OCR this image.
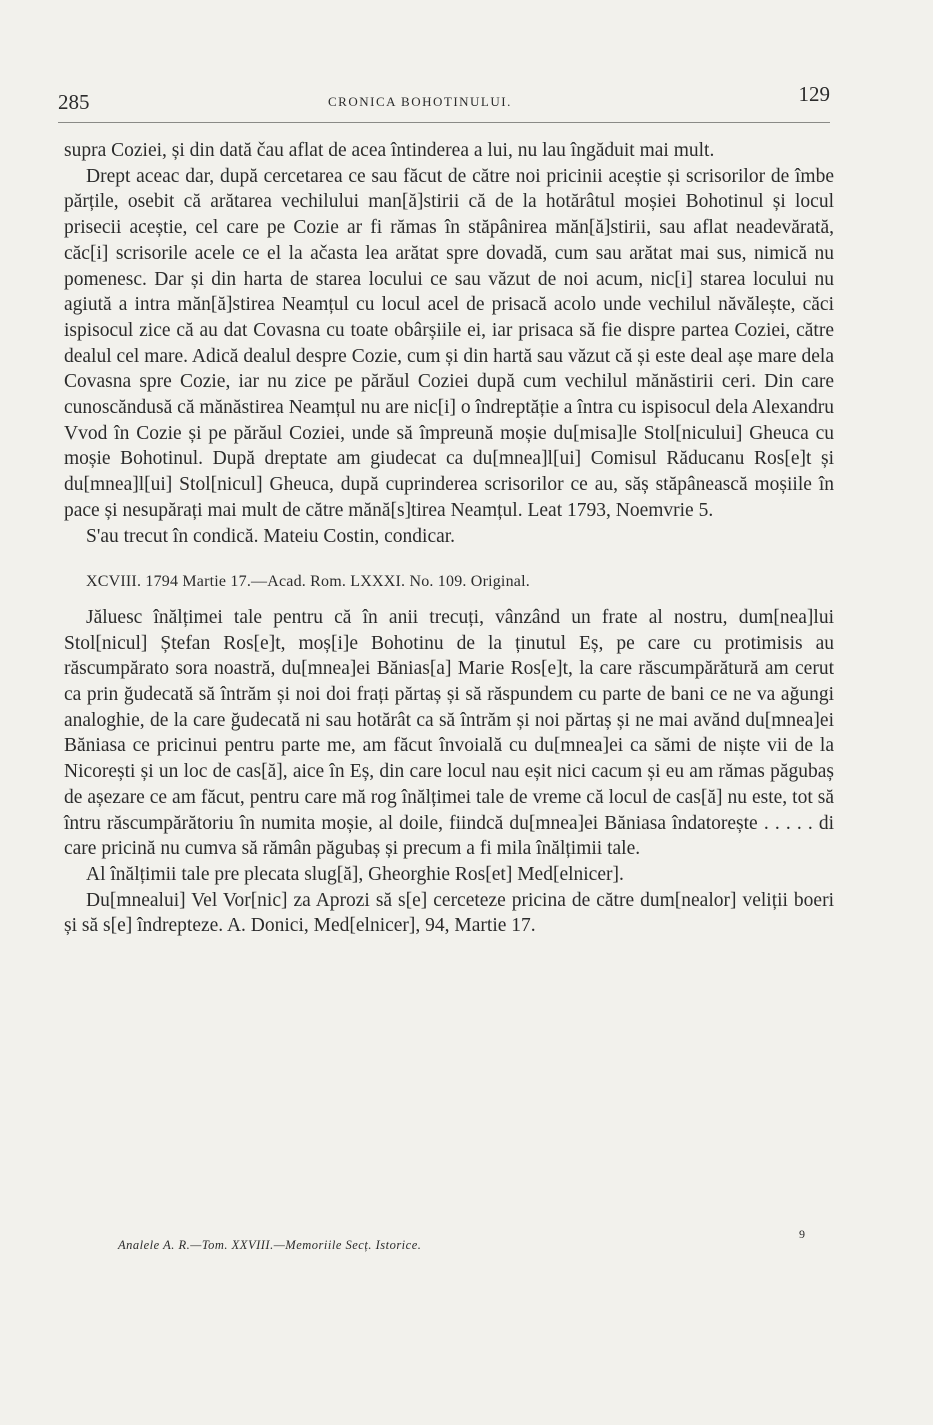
285	CRONICA BOHOTINULUI.	129

supra Coziei, și din dată čau aflat de acea întinderea a lui, nu lau îngăduit mai mult.

Drept aceac dar, după cercetarea ce sau făcut de către noi pricinii aceștie și scrisorilor de îmbe părțile, osebit că arătarea vechilului man[ă]stirii că de la hotărâtul moșiei Bohotinul și locul prisecii aceștie, cel care pe Cozie ar fi rămas în stăpânirea măn[ă]stirii, sau aflat neadevărată, căc[i] scrisorile acele ce el la ačasta lea arătat spre dovadă, cum sau arătat mai sus, nimică nu pomenesc. Dar și din harta de starea locului ce sau văzut de noi acum, nic[i] starea locului nu agiută a intra măn[ă]stirea Neamțul cu locul acel de prisacă acolo unde vechilul năvălește, căci ispisocul zice că au dat Covasna cu toate obârșiile ei, iar prisaca să fie dispre partea Coziei, către dealul cel mare. Adică dealul despre Cozie, cum și din hartă sau văzut că și este deal așe mare dela Covasna spre Cozie, iar nu zice pe părăul Coziei după cum vechilul mănăstirii ceri. Din care cunoscăndusă că mănăstirea Neamțul nu are nic[i] o îndreptăție a întra cu ispisocul dela Alexandru Vvod în Cozie și pe părăul Coziei, unde să împreună moșie du[misa]le Stol[nicului] Gheuca cu moșie Bohotinul. După dreptate am giudecat ca du[mnea]l[ui] Comisul Răducanu Ros[e]t și du[mnea]l[ui] Stol[nicul] Gheuca, după cuprinderea scrisorilor ce au, săș stăpânească moșiile în pace și nesupărați mai mult de către mănă[s]tirea Neamțul. Leat 1793, Noemvrie 5.

S'au trecut în condică. Mateiu Costin, condicar.

XCVIII. 1794 Martie 17.—Acad. Rom. LXXXI. No. 109. Original.

Jăluesc înălțimei tale pentru că în anii trecuți, vânzând un frate al nostru, dum[nea]lui Stol[nicul] Ștefan Ros[e]t, moș[i]e Bohotinu de la ținutul Eș, pe care cu protimisis au răscumpărato sora noastră, du[mnea]ei Bănias[a] Marie Ros[e]t, la care răscumpărătură am cerut ca prin ğudecată să întrăm și noi doi frați părtaș și să răspundem cu parte de bani ce ne va ağungi analoghie, de la care ğudecată ni sau hotărât ca să întrăm și noi părtaș și ne mai avănd du[mnea]ei Băniasa ce pricinui pentru parte me, am făcut învoială cu du[mnea]ei ca sămi de niște vii de la Nicorești și un loc de cas[ă], aice în Eș, din care locul nau eșit nici cacum și eu am rămas păgubaș de așezare ce am făcut, pentru care mă rog înălțimei tale de vreme că locul de cas[ă] nu este, tot să întru răscumpărătoriu în numita moșie, al doile, fiindcă du[mnea]ei Băniasa îndatorește . . . . . di care pricină nu cumva să rămân păgubaș și precum a fi mila înălțimii tale.

Al înălțimii tale pre plecata slug[ă], Gheorghie Ros[et] Med[elnicer].

Du[mnealui] Vel Vor[nic] za Aprozi să s[e] cerceteze pricina de către dum[nealor] veliții boeri și să s[e] îndrepteze. A. Donici, Med[elnicer], 94, Martie 17.

Analele A. R.—Tom. XXVIII.—Memoriile Secț. Istorice.
9
